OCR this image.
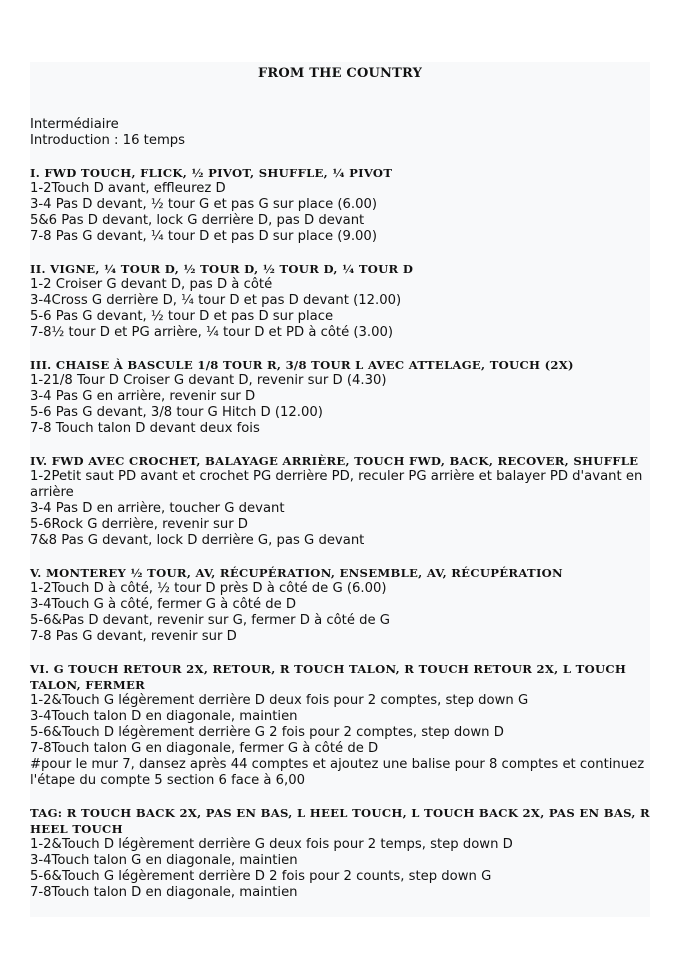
FROM THE COUNTRY
Intermédiaire
Introduction : 16 temps
I. FWD TOUCH, FLICK, ½ PIVOT, SHUFFLE, ¼ PIVOT
1-2Touch D avant, effleurez D
3-4 Pas D devant, ½ tour G et pas G sur place (6.00)
5&6 Pas D devant, lock G derrière D, pas D devant
7-8 Pas G devant, ¼ tour D et pas D sur place (9.00)
II. VIGNE, ¼ TOUR D, ½ TOUR D, ½ TOUR D, ¼ TOUR D
1-2 Croiser G devant D, pas D à côté
3-4Cross G derrière D, ¼ tour D et pas D devant (12.00)
5-6 Pas G devant, ½ tour D et pas D sur place
7-8½ tour D et PG arrière, ¼ tour D et PD à côté (3.00)
III. CHAISE À BASCULE 1/8 TOUR R, 3/8 TOUR L AVEC ATTELAGE, TOUCH (2X)
1-21/8 Tour D Croiser G devant D, revenir sur D (4.30)
3-4 Pas G en arrière, revenir sur D
5-6 Pas G devant, 3/8 tour G Hitch D (12.00)
7-8 Touch talon D devant deux fois
IV. FWD AVEC CROCHET, BALAYAGE ARRIÈRE, TOUCH FWD, BACK, RECOVER, SHUFFLE
1-2Petit saut PD avant et crochet PG derrière PD, reculer PG arrière et balayer PD d'avant en arrière
3-4 Pas D en arrière, toucher G devant
5-6Rock G derrière, revenir sur D
7&8 Pas G devant, lock D derrière G, pas G devant
V. MONTEREY ½ TOUR, AV, RÉCUPÉRATION, ENSEMBLE, AV, RÉCUPÉRATION
1-2Touch D à côté, ½ tour D près D à côté de G (6.00)
3-4Touch G à côté, fermer G à côté de D
5-6&Pas D devant, revenir sur G, fermer D à côté de G
7-8 Pas G devant, revenir sur D
VI. G TOUCH RETOUR 2X, RETOUR, R TOUCH TALON, R TOUCH RETOUR 2X, L TOUCH TALON, FERMER
1-2&Touch G légèrement derrière D deux fois pour 2 comptes, step down G
3-4Touch talon D en diagonale, maintien
5-6&Touch D légèrement derrière G 2 fois pour 2 comptes, step down D
7-8Touch talon G en diagonale, fermer G à côté de D
#pour le mur 7, dansez après 44 comptes et ajoutez une balise pour 8 comptes et continuez l'étape du compte 5 section 6 face à 6,00
TAG: R TOUCH BACK 2X, PAS EN BAS, L HEEL TOUCH, L TOUCH BACK 2X, PAS EN BAS, R HEEL TOUCH
1-2&Touch D légèrement derrière G deux fois pour 2 temps, step down D
3-4Touch talon G en diagonale, maintien
5-6&Touch G légèrement derrière D 2 fois pour 2 counts, step down G
7-8Touch talon D en diagonale, maintien
